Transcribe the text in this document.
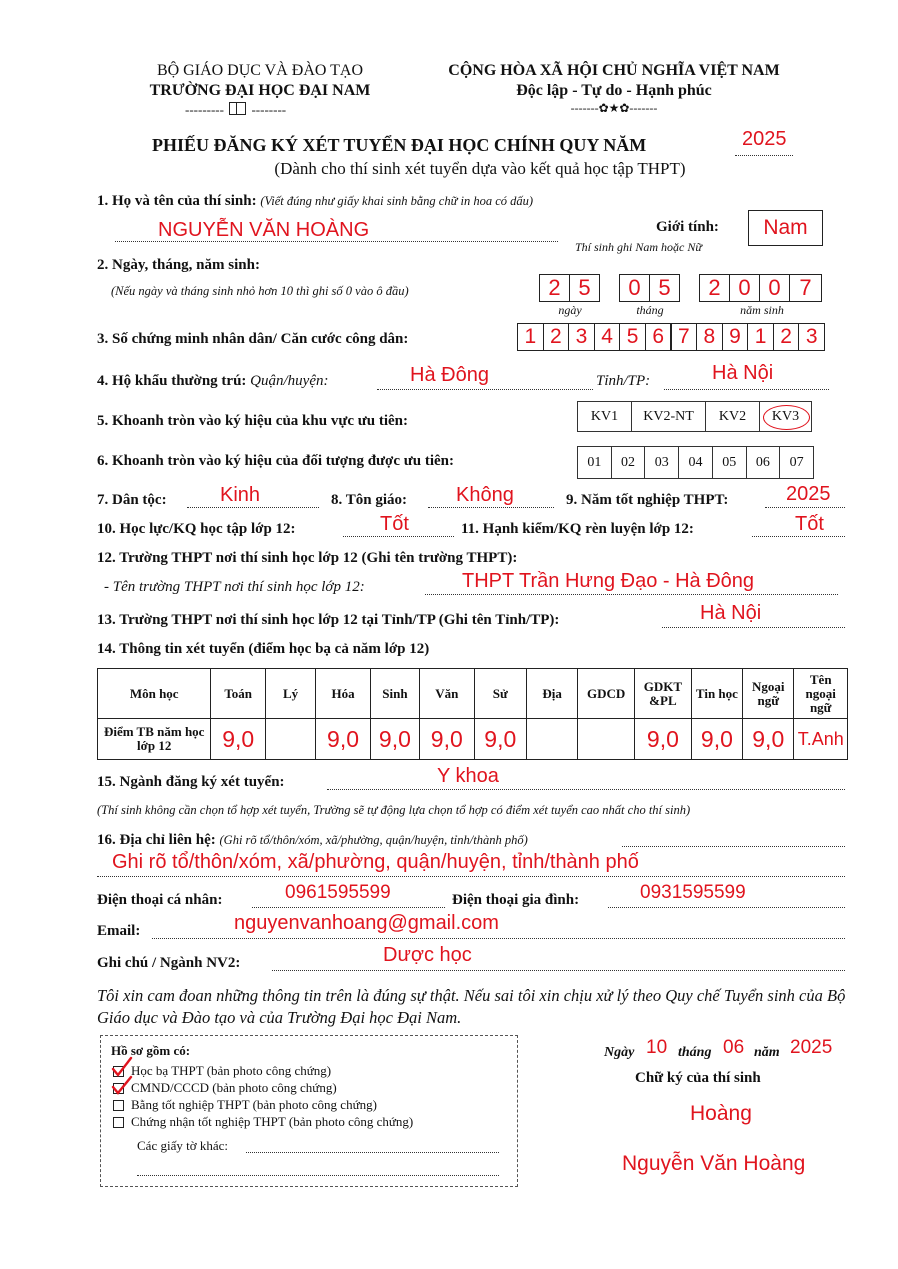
BỘ GIÁO DỤC VÀ ĐÀO TẠO
TRƯỜNG ĐẠI HỌC ĐẠI NAM
--------- --------
CỘNG HÒA XÃ HỘI CHỦ NGHĨA VIỆT NAM
Độc lập - Tự do - Hạnh phúc
-------✿★✿-------
PHIẾU ĐĂNG KÝ XÉT TUYỂN ĐẠI HỌC CHÍNH QUY NĂM	2025
(Dành cho thí sinh xét tuyển dựa vào kết quả học tập THPT)
1. Họ và tên của thí sinh: (Viết đúng như giấy khai sinh bằng chữ in hoa có dấu)
NGUYỄN VĂN HOÀNG	Giới tính:	Nam
Thí sinh ghi Nam hoặc Nữ
2. Ngày, tháng, năm sinh:
(Nếu ngày và tháng sinh nhỏ hơn 10 thì ghi số 0 vào ô đầu)	2 5	0 5	2 0 0 7
ngày	tháng	năm sinh
3. Số chứng minh nhân dân/ Căn cước công dân:	1 2 3 4 5 6 7 8 9 1 2 3
4. Hộ khẩu thường trú: Quận/huyện:	Hà Đông	Tỉnh/TP:	Hà Nội
5. Khoanh tròn vào ký hiệu của khu vực ưu tiên:	KV1	KV2-NT	KV2	KV3
6. Khoanh tròn vào ký hiệu của đối tượng được ưu tiên:	01	02	03	04	05	06	07
7. Dân tộc:	Kinh	8. Tôn giáo: Không	9. Năm tốt nghiệp THPT:	2025
10. Học lực/KQ học tập lớp 12:	Tốt	11. Hạnh kiểm/KQ rèn luyện lớp 12:	Tốt
12. Trường THPT nơi thí sinh học lớp 12 (Ghi tên trường THPT):
- Tên trường THPT nơi thí sinh học lớp 12:	THPT Trần Hưng Đạo - Hà Đông
13. Trường THPT nơi thí sinh học lớp 12 tại Tỉnh/TP (Ghi tên Tỉnh/TP):	Hà Nội
14. Thông tin xét tuyển (điểm học bạ cả năm lớp 12)
Môn học	Toán	Lý	Hóa	Sinh	Văn	Sử	Địa	GDCD	GDKT &PL	Tin học	Ngoại ngữ	Tên ngoại ngữ
Điểm TB năm học lớp 12	9,0		9,0	9,0	9,0	9,0			9,0	9,0	9,0	T.Anh
15. Ngành đăng ký xét tuyển:	Y khoa
(Thí sinh không cần chọn tổ hợp xét tuyển, Trường sẽ tự động lựa chọn tổ hợp có điểm xét tuyển cao nhất cho thí sinh)
16. Địa chỉ liên hệ: (Ghi rõ tổ/thôn/xóm, xã/phường, quận/huyện, tỉnh/thành phố)
Ghi rõ tổ/thôn/xóm, xã/phường, quận/huyện, tỉnh/thành phố
Điện thoại cá nhân:	0961595599	Điện thoại gia đình:	0931595599
Email:	nguyenvanhoang@gmail.com
Ghi chú / Ngành NV2:	Dược học
Tôi xin cam đoan những thông tin trên là đúng sự thật. Nếu sai tôi xin chịu xử lý theo Quy chế Tuyển sinh của Bộ Giáo dục và Đào tạo và của Trường Đại học Đại Nam.
Hồ sơ gồm có:
Học bạ THPT (bản photo công chứng)
CMND/CCCD (bản photo công chứng)
Bằng tốt nghiệp THPT (bản photo công chứng)
Chứng nhận tốt nghiệp THPT (bản photo công chứng)
Các giấy tờ khác:
Ngày 10 tháng 06 năm 2025
Chữ ký của thí sinh
Hoàng
Nguyễn Văn Hoàng
